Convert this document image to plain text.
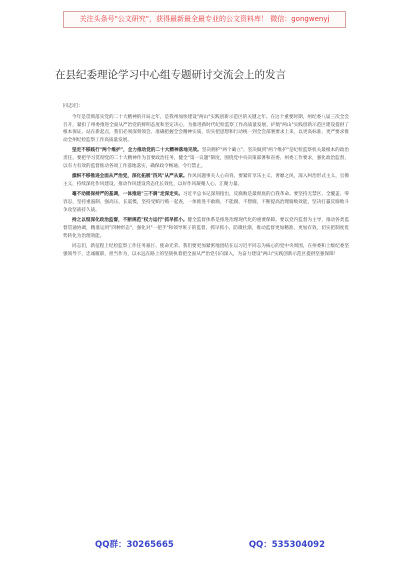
关注头条号"公文研究"，获得最新最全最专业的公文资料库！ 微信：gongwenyj
在县纪委理论学习中心组专题研讨交流会上的发言

同志们：

今年是贯彻落实党的二十大精神的开局之年，是我州加快建设"两山"实践创新示范区的关键之年。在这个重要时期，州纪委八届三次全会召开，紧扣了州委推进全面从严治党的鲜明态度和坚定决心，为推进新时代纪检监察工作高质量发展、护航"两山"实践创新示范区建设提供了根本保证。站在新起点，我们必须深刻领会、准确把握全会精神实质，切实把思想和行动统一到全会部署要求上来，以更高标准、更严要求推动全州纪检监察工作高质量发展。

坚定不移践行"两个维护"，全力推动党的二十大精神落地见效。坚决拥护"两个确立"、坚决做到"两个维护"是纪检监察机关最根本的政治责任。要把学习贯彻党的二十大精神作为首要政治任务，健全"第一议题"制度，围绕党中央决策部署和省委、州委工作要求，强化政治监督，以有力有效的监督推动各项工作落地落实，确保政令畅通、令行禁止。

旗帜不移推进全面从严治党，深化拓展"四风"从严从紧。作风问题事关人心向背。要紧盯享乐主义、奢靡之风，深入纠治形式主义、官僚主义，持续深化作风建设，推动作风建设常态化长效化，以好作风凝聚人心、汇聚力量。

毫不动摇保持严的基调，一体推进"三不腐"走深走实。习近平总书记深刻指出，反腐败是最彻底的自我革命。要坚持无禁区、全覆盖、零容忍，坚持重遏制、强高压、长震慑，坚持受贿行贿一起查，一体推进不敢腐、不能腐、不想腐，不断提高治理腐败效能，坚决打赢反腐败斗争攻坚战持久战。

持之以恒深化政治监督，不断规范"权力运行"抓早抓小。健全监督体系是推进治理现代化的重要保障。要以党内监督为主导，推动各类监督贯通协调，精准运用"四种形态"，强化对"一把手"和领导班子的监督，抓早抓小、防微杜渐，推动监督更加精准、更加有效，切实把制度优势转化为治理效能。

同志们，新征程上纪检监察工作任务艰巨、使命光荣。我们要更加紧密地团结在以习近平同志为核心的党中央周围，在州委和上级纪委坚强领导下，忠诚履职、担当作为，以永远在路上的坚韧执着把全面从严治党引向深入，为奋力建设"两山"实践创新示范区提供坚强保障！

QQ群：30265665	QQ：535304092
